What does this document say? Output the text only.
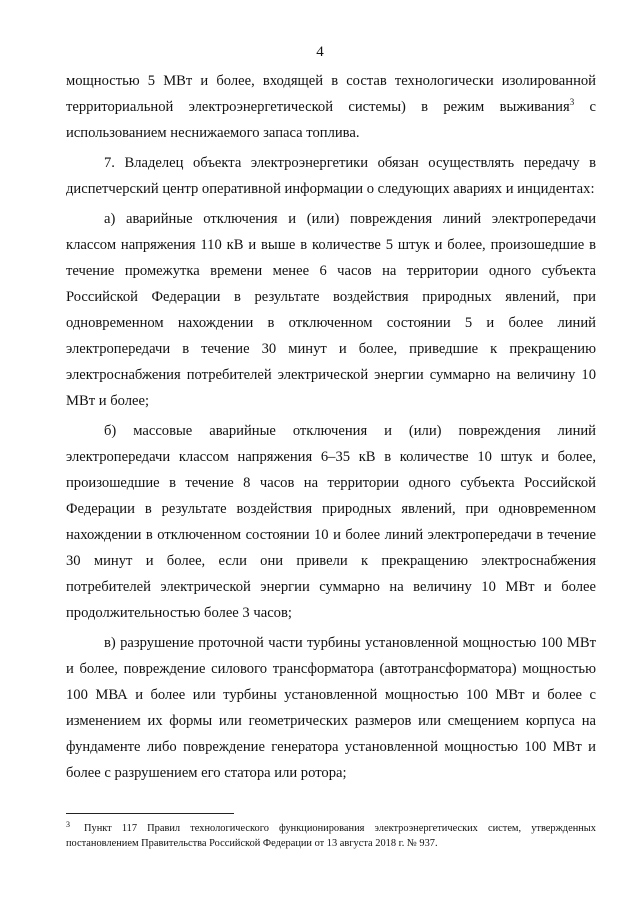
4

мощностью 5 МВт и более, входящей в состав технологически изолированной территориальной электроэнергетической системы) в режим выживания$^3$ с использованием неснижаемого запаса топлива.

7. Владелец объекта электроэнергетики обязан осуществлять передачу в диспетчерский центр оперативной информации о следующих авариях и инцидентах:

а) аварийные отключения и (или) повреждения линий электропередачи классом напряжения 110 кВ и выше в количестве 5 штук и более, произошедшие в течение промежутка времени менее 6 часов на территории одного субъекта Российской Федерации в результате воздействия природных явлений, при одновременном нахождении в отключенном состоянии 5 и более линий электропередачи в течение 30 минут и более, приведшие к прекращению электроснабжения потребителей электрической энергии суммарно на величину 10 МВт и более;

б) массовые аварийные отключения и (или) повреждения линий электропередачи классом напряжения 6–35 кВ в количестве 10 штук и более, произошедшие в течение 8 часов на территории одного субъекта Российской Федерации в результате воздействия природных явлений, при одновременном нахождении в отключенном состоянии 10 и более линий электропередачи в течение 30 минут и более, если они привели к прекращению электроснабжения потребителей электрической энергии суммарно на величину 10 МВт и более продолжительностью более 3 часов;

в) разрушение проточной части турбины установленной мощностью 100 МВт и более, повреждение силового трансформатора (автотрансформатора) мощностью 100 МВА и более или турбины установленной мощностью 100 МВт и более с изменением их формы или геометрических размеров или смещением корпуса на фундаменте либо повреждение генератора установленной мощностью 100 МВт и более с разрушением его статора или ротора;

$^3$ Пункт 117 Правил технологического функционирования электроэнергетических систем, утвержденных постановлением Правительства Российской Федерации от 13 августа 2018 г. № 937.
